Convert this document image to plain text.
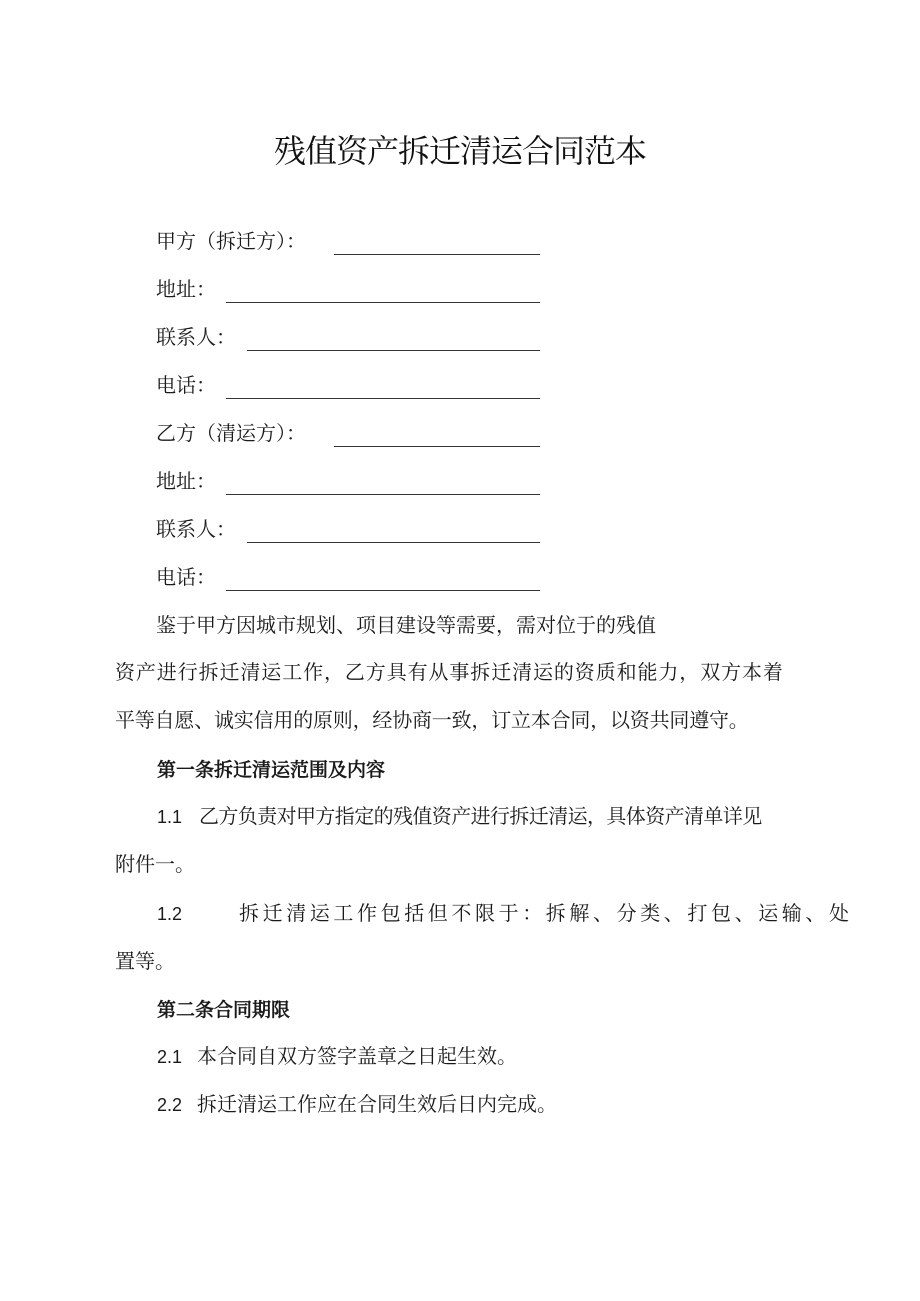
残值资产拆迁清运合同范本
甲方（拆迁方）：
地址：
联系人：
电话：
乙方（清运方）：
地址：
联系人：
电话：
鉴于甲方因城市规划、项目建设等需要，需对位于的残值
资产进行拆迁清运工作，乙方具有从事拆迁清运的资质和能力，双方本着
平等自愿、诚实信用的原则，经协商一致，订立本合同，以资共同遵守。
第一条拆迁清运范围及内容
1.1 乙方负责对甲方指定的残值资产进行拆迁清运，具体资产清单详见
附件一。
1.2	拆迁清运工作包括但不限于：拆解、分类、打包、运输、处
置等。
第二条合同期限
2.1 本合同自双方签字盖章之日起生效。
2.2 拆迁清运工作应在合同生效后日内完成。
